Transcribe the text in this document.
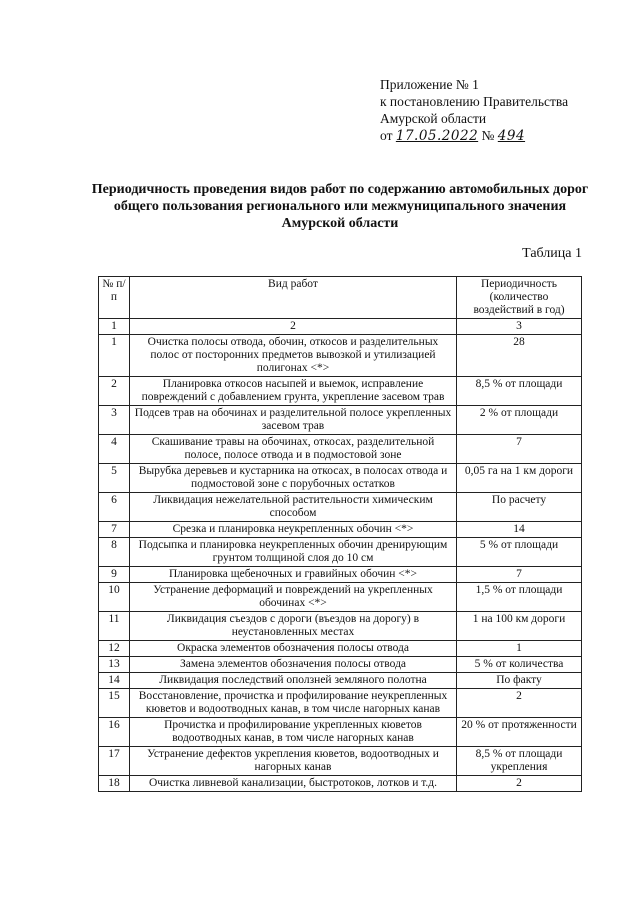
Приложение № 1
к постановлению Правительства
Амурской области
от 17.05.2022 № 494
Периодичность проведения видов работ по содержанию автомобильных дорог общего пользования регионального или межмуниципального значения Амурской области
Таблица 1
№ п/п	Вид работ	Периодичность (количество воздействий в год)
1	2	3
1	Очистка полосы отвода, обочин, откосов и разделительных полос от посторонних предметов вывозкой и утилизацией полигонах <*>	28
2	Планировка откосов насыпей и выемок, исправление повреждений с добавлением грунта, укрепление засевом трав	8,5 % от площади
3	Подсев трав на обочинах и разделительной полосе укрепленных засевом трав	2 % от площади
4	Скашивание травы на обочинах, откосах, разделительной полосе, полосе отвода и в подмостовой зоне	7
5	Вырубка деревьев и кустарника на откосах, в полосах отвода и подмостовой зоне с порубочных остатков	0,05 га на 1 км дороги
6	Ликвидация нежелательной растительности химическим способом	По расчету
7	Срезка и планировка неукрепленных обочин <*>	14
8	Подсыпка и планировка неукрепленных обочин дренирующим грунтом толщиной слоя до 10 см	5 % от площади
9	Планировка щебеночных и гравийных обочин <*>	7
10	Устранение деформаций и повреждений на укрепленных обочинах <*>	1,5 % от площади
11	Ликвидация съездов с дороги (въездов на дорогу) в неустановленных местах	1 на 100 км дороги
12	Окраска элементов обозначения полосы отвода	1
13	Замена элементов обозначения полосы отвода	5 % от количества
14	Ликвидация последствий оползней земляного полотна	По факту
15	Восстановление, прочистка и профилирование неукрепленных кюветов и водоотводных канав, в том числе нагорных канав	2
16	Прочистка и профилирование укрепленных кюветов водоотводных канав, в том числе нагорных канав	20 % от протяженности
17	Устранение дефектов укрепления кюветов, водоотводных и нагорных канав	8,5 % от площади укрепления
18	Очистка ливневой канализации, быстротоков, лотков и т.д.	2
